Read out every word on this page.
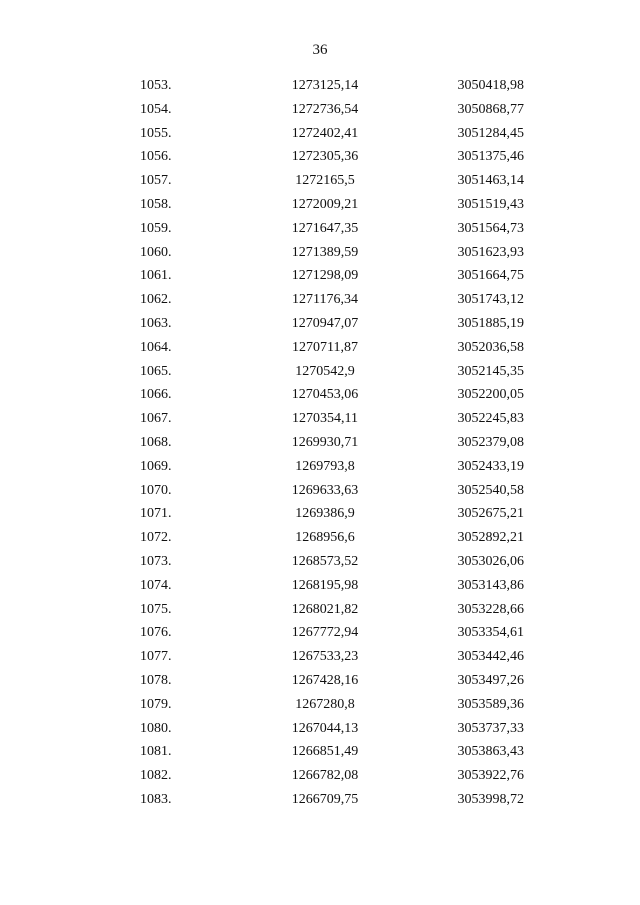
36
1053.	1273125,14	3050418,98
1054.	1272736,54	3050868,77
1055.	1272402,41	3051284,45
1056.	1272305,36	3051375,46
1057.	1272165,5	3051463,14
1058.	1272009,21	3051519,43
1059.	1271647,35	3051564,73
1060.	1271389,59	3051623,93
1061.	1271298,09	3051664,75
1062.	1271176,34	3051743,12
1063.	1270947,07	3051885,19
1064.	1270711,87	3052036,58
1065.	1270542,9	3052145,35
1066.	1270453,06	3052200,05
1067.	1270354,11	3052245,83
1068.	1269930,71	3052379,08
1069.	1269793,8	3052433,19
1070.	1269633,63	3052540,58
1071.	1269386,9	3052675,21
1072.	1268956,6	3052892,21
1073.	1268573,52	3053026,06
1074.	1268195,98	3053143,86
1075.	1268021,82	3053228,66
1076.	1267772,94	3053354,61
1077.	1267533,23	3053442,46
1078.	1267428,16	3053497,26
1079.	1267280,8	3053589,36
1080.	1267044,13	3053737,33
1081.	1266851,49	3053863,43
1082.	1266782,08	3053922,76
1083.	1266709,75	3053998,72
